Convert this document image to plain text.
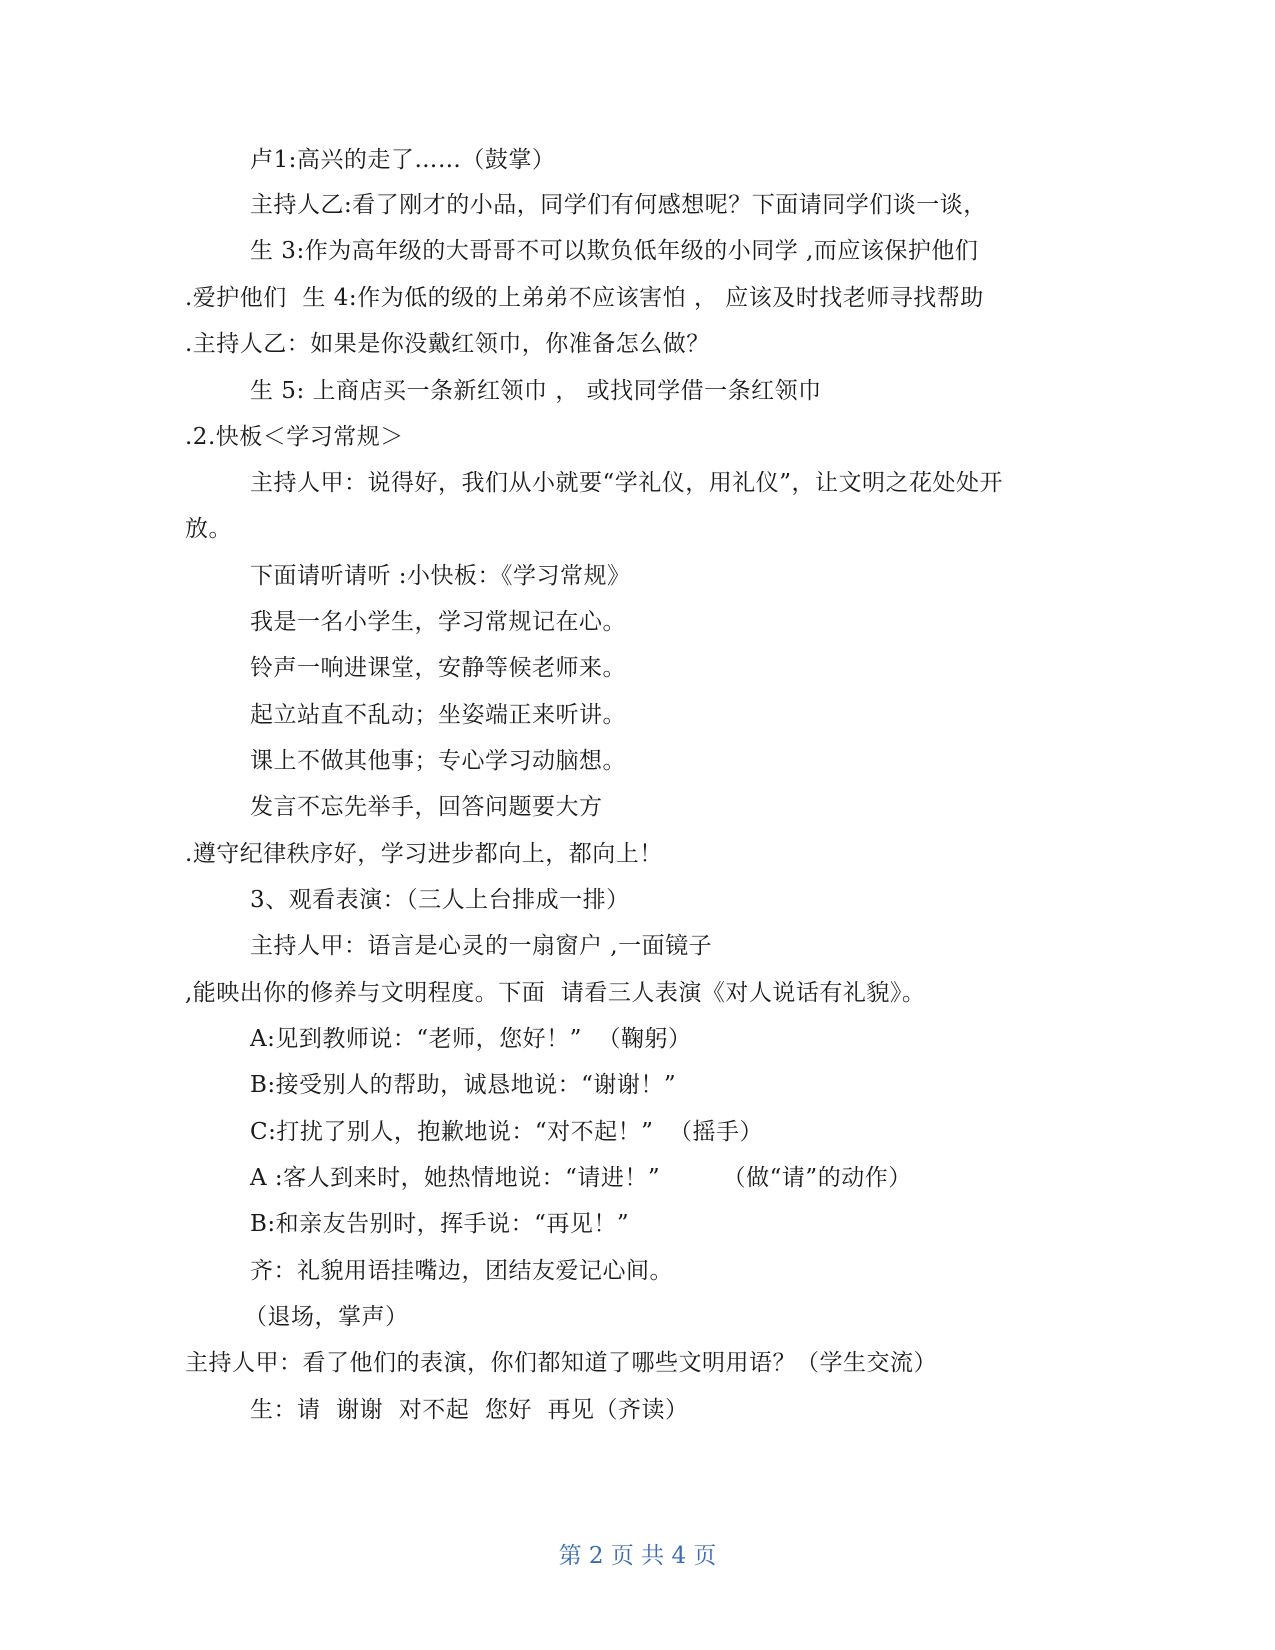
卢1:高兴的走了……（鼓掌）
主持人乙:看了刚才的小品，同学们有何感想呢？下面请同学们谈一谈，
生 3:作为高年级的大哥哥不可以欺负低年级的小同学 ,而应该保护他们
.爱护他们  生 4:作为低的级的上弟弟不应该害怕 ， 应该及时找老师寻找帮助
.主持人乙：如果是你没戴红领巾，你准备怎么做？
生 5: 上商店买一条新红领巾 ， 或找同学借一条红领巾
.2.快板＜学习常规＞
主持人甲：说得好，我们从小就要“学礼仪，用礼仪”，让文明之花处处开
放。
下面请听请听 :小快板：《学习常规》
我是一名小学生，学习常规记在心。
铃声一响进课堂，安静等候老师来。
起立站直不乱动；坐姿端正来听讲。
课上不做其他事；专心学习动脑想。
发言不忘先举手，回答问题要大方
.遵守纪律秩序好，学习进步都向上，都向上！
3、观看表演：（三人上台排成一排）
主持人甲：语言是心灵的一扇窗户 ,一面镜子
,能映出你的修养与文明程度。下面  请看三人表演《对人说话有礼貌》。
A:见到教师说：“老师，您好！”  （鞠躬）
B:接受别人的帮助，诚恳地说：“谢谢！”
C:打扰了别人，抱歉地说：“对不起！”  （摇手）
A :客人到来时，她热情地说：“请进！”        （做“请”的动作）
B:和亲友告别时，挥手说：“再见！”
齐：礼貌用语挂嘴边，团结友爱记心间。
（退场，掌声）
主持人甲：看了他们的表演，你们都知道了哪些文明用语？（学生交流）
生：请  谢谢  对不起  您好  再见（齐读）
第 2 页 共 4 页
